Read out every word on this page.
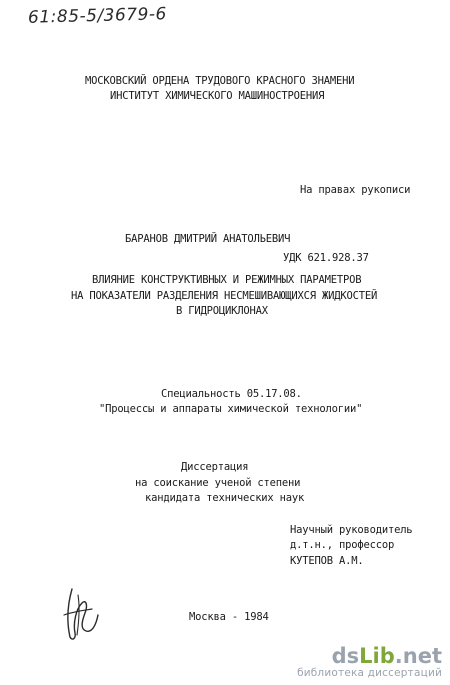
61:85-5/3679-6
МОСКОВСКИЙ ОРДЕНА ТРУДОВОГО КРАСНОГО ЗНАМЕНИ
ИНСТИТУТ ХИМИЧЕСКОГО МАШИНОСТРОЕНИЯ
На правах рукописи
БАРАНОВ ДМИТРИЙ АНАТОЛЬЕВИЧ
УДК 621.928.37
ВЛИЯНИЕ КОНСТРУКТИВНЫХ И РЕЖИМНЫХ ПАРАМЕТРОВ
НА ПОКАЗАТЕЛИ РАЗДЕЛЕНИЯ НЕСМЕШИВАЮЩИХСЯ ЖИДКОСТЕЙ
В ГИДРОЦИКЛОНАХ
Специальность 05.17.08.
"Процессы и аппараты химической технологии"
Диссертация
на соискание ученой степени
кандидата технических наук
Научный руководитель
д.т.н., профессор
КУТЕПОВ А.М.
Москва - 1984
dsLib.net
библиотека диссертаций
